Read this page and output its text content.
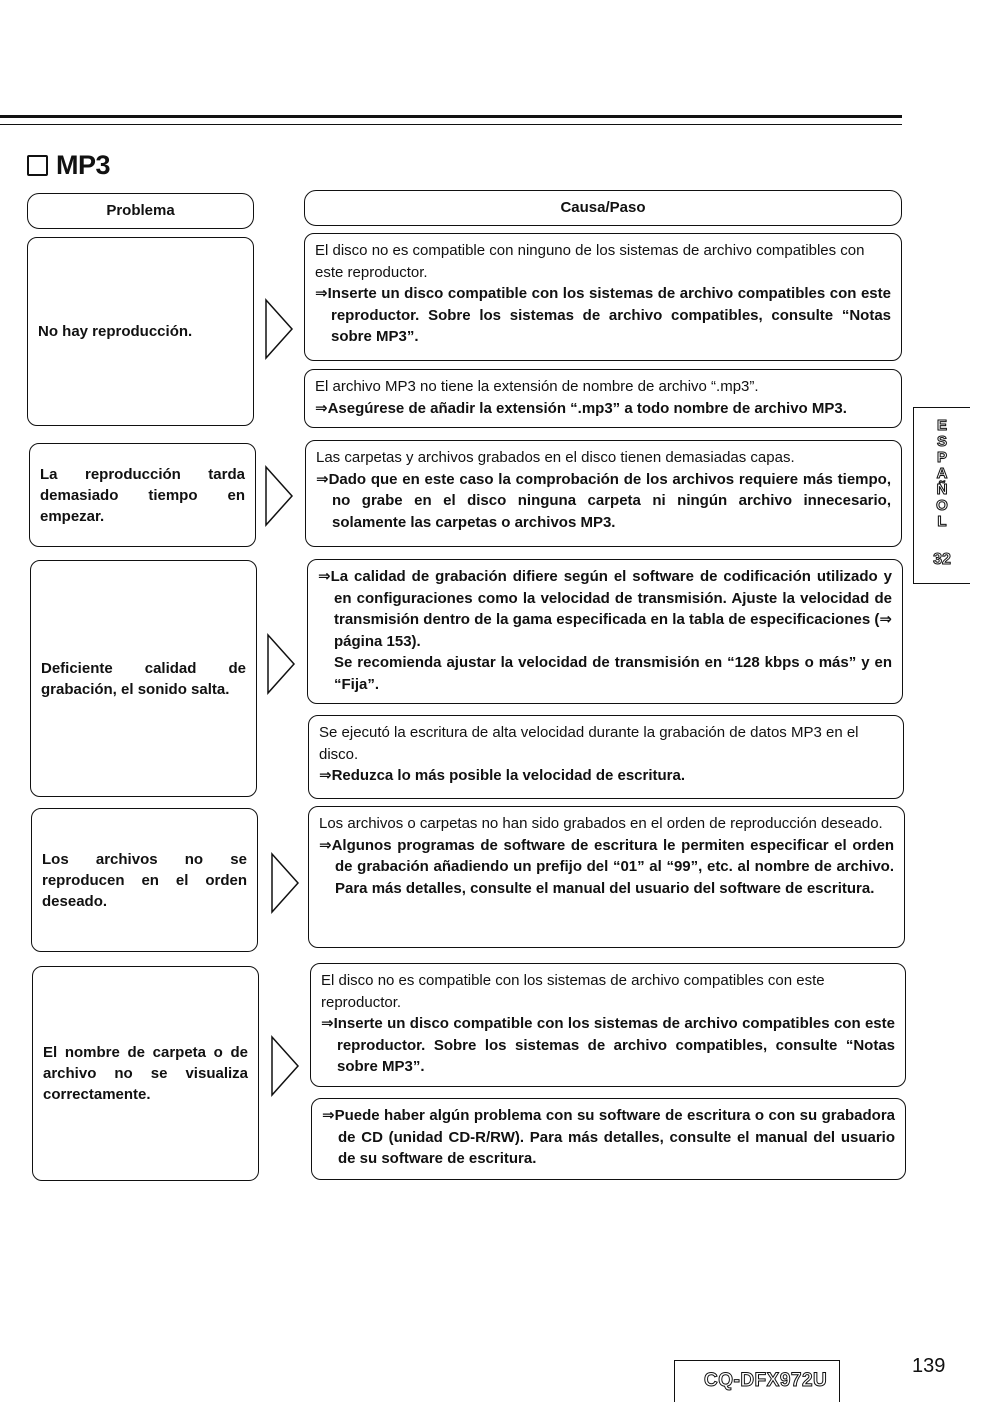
MP3
Problema	Causa/Paso
No hay reproducción.

El disco no es compatible con ninguno de los sistemas de archivo compatibles con este reproductor.

⇒Inserte un disco compatible con los sistemas de archivo compatibles con este reproductor. Sobre los sistemas de archivo compatibles, consulte “Notas sobre MP3”.

El archivo MP3 no tiene la extensión de nombre de archivo “.mp3”.

⇒Asegúrese de añadir la extensión “.mp3” a todo nombre de archivo MP3.

La reproducción tarda demasiado tiempo en empezar.

Las carpetas y archivos grabados en el disco tienen demasiadas capas.

⇒Dado que en este caso la comprobación de los archivos requiere más tiempo, no grabe en el disco ninguna carpeta ni ningún archivo innecesario, solamente las carpetas o archivos MP3.

Deficiente calidad de grabación, el sonido salta.

⇒La calidad de grabación difiere según el software de codificación utilizado y en configuraciones como la velocidad de transmisión. Ajuste la velocidad de transmisión dentro de la gama especificada en la tabla de especificaciones (⇒ página 153).

Se recomienda ajustar la velocidad de transmisión en “128 kbps o más” y en “Fija”.

Se ejecutó la escritura de alta velocidad durante la grabación de datos MP3 en el disco.

⇒Reduzca lo más posible la velocidad de escritura.

Los archivos no se reproducen en el orden deseado.

Los archivos o carpetas no han sido grabados en el orden de reproducción deseado.

⇒Algunos programas de software de escritura le permiten especificar el orden de grabación añadiendo un prefijo del “01” al “99”, etc. al nombre de archivo. Para más detalles, consulte el manual del usuario del software de escritura.

El nombre de carpeta o de archivo no se visualiza correctamente.

El disco no es compatible con los sistemas de archivo compatibles con este reproductor.

⇒Inserte un disco compatible con los sistemas de archivo compatibles con este reproductor. Sobre los sistemas de archivo compatibles, consulte “Notas sobre MP3”.

⇒Puede haber algún problema con su software de escritura o con su grabadora de CD (unidad CD-R/RW). Para más detalles, consulte el manual del usuario de su software de escritura.

E
S
P
A
Ñ
O
L
32
CQ-DFX972U
139
